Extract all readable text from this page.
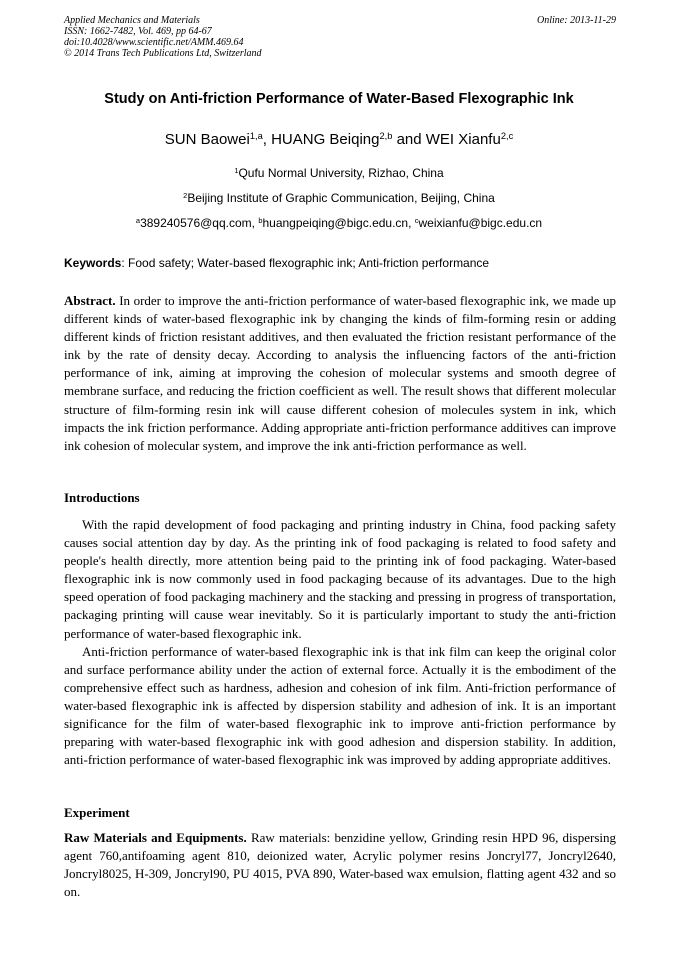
Applied Mechanics and Materials
ISSN: 1662-7482, Vol. 469, pp 64-67
doi:10.4028/www.scientific.net/AMM.469.64
© 2014 Trans Tech Publications Ltd, Switzerland
Online: 2013-11-29
Study on Anti-friction Performance of Water-Based Flexographic Ink
SUN Baowei$^{1,a}$, HUANG Beiqing$^{2,b}$ and WEI Xianfu$^{2,c}$
$^1$Qufu Normal University, Rizhao, China
$^2$Beijing Institute of Graphic Communication, Beijing, China
$^a$389240576@qq.com, $^b$huangpeiqing@bigc.edu.cn, $^c$weixianfu@bigc.edu.cn
Keywords: Food safety; Water-based flexographic ink; Anti-friction performance

Abstract. In order to improve the anti-friction performance of water-based flexographic ink, we made up different kinds of water-based flexographic ink by changing the kinds of film-forming resin or adding different kinds of friction resistant additives, and then evaluated the friction resistant performance of the ink by the rate of density decay. According to analysis the influencing factors of the anti-friction performance of ink, aiming at improving the cohesion of molecular systems and smooth degree of membrane surface, and reducing the friction coefficient as well. The result shows that different molecular structure of film-forming resin ink will cause different cohesion of molecules system in ink, which impacts the ink friction performance. Adding appropriate anti-friction performance additives can improve ink cohesion of molecular system, and improve the ink anti-friction performance as well.

Introductions

With the rapid development of food packaging and printing industry in China, food packing safety causes social attention day by day. As the printing ink of food packaging is related to food safety and people's health directly, more attention being paid to the printing ink of food packaging. Water-based flexographic ink is now commonly used in food packaging because of its advantages. Due to the high speed operation of food packaging machinery and the stacking and pressing in progress of transportation, packaging printing will cause wear inevitably. So it is particularly important to study the anti-friction performance of water-based flexographic ink.

Anti-friction performance of water-based flexographic ink is that ink film can keep the original color and surface performance ability under the action of external force. Actually it is the embodiment of the comprehensive effect such as hardness, adhesion and cohesion of ink film. Anti-friction performance of water-based flexographic ink is affected by dispersion stability and adhesion of ink. It is an important significance for the film of water-based flexographic ink to improve anti-friction performance by preparing with water-based flexographic ink with good adhesion and dispersion stability. In addition, anti-friction performance of water-based flexographic ink was improved by adding appropriate additives.

Experiment

Raw Materials and Equipments. Raw materials: benzidine yellow, Grinding resin HPD 96, dispersing agent 760,antifoaming agent 810, deionized water, Acrylic polymer resins Joncryl77, Joncryl2640, Joncryl8025, H-309, Joncryl90, PU 4015, PVA 890, Water-based wax emulsion, flatting agent 432 and so on.
